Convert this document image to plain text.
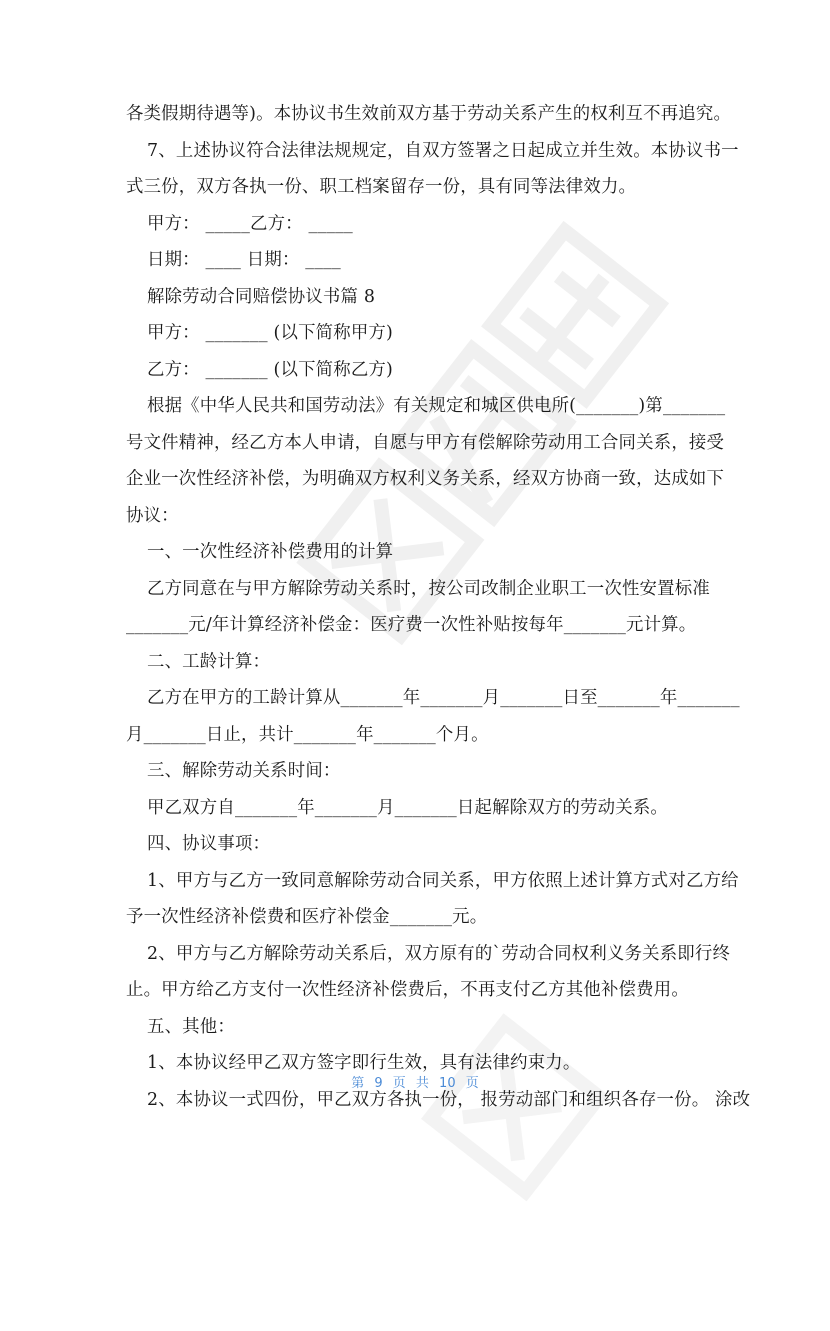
各类假期待遇等)。本协议书生效前双方基于劳动关系产生的权利互不再追究。
7、上述协议符合法律法规规定，自双方签署之日起成立并生效。本协议书一
式三份，双方各执一份、职工档案留存一份，具有同等法律效力。
甲方： _____乙方： _____
日期： ____ 日期： ____
解除劳动合同赔偿协议书篇 8
甲方： _______ (以下简称甲方)
乙方： _______ (以下简称乙方)
根据《中华人民共和国劳动法》有关规定和城区供电所(_______)第_______
号文件精神，经乙方本人申请，自愿与甲方有偿解除劳动用工合同关系，接受
企业一次性经济补偿，为明确双方权利义务关系，经双方协商一致，达成如下
协议：
一、一次性经济补偿费用的计算
乙方同意在与甲方解除劳动关系时，按公司改制企业职工一次性安置标准
_______元/年计算经济补偿金：医疗费一次性补贴按每年_______元计算。
二、工龄计算：
乙方在甲方的工龄计算从_______年_______月_______日至_______年_______
月_______日止，共计_______年_______个月。
三、解除劳动关系时间：
甲乙双方自_______年_______月_______日起解除双方的劳动关系。
四、协议事项：
1、甲方与乙方一致同意解除劳动合同关系，甲方依照上述计算方式对乙方给
予一次性经济补偿费和医疗补偿金_______元。
2、甲方与乙方解除劳动关系后，双方原有的`劳动合同权利义务关系即行终
止。甲方给乙方支付一次性经济补偿费后，不再支付乙方其他补偿费用。
五、其他：
1、本协议经甲乙双方签字即行生效，具有法律约束力。
2、本协议一式四份，甲乙双方各执一份， 报劳动部门和组织各存一份。 涂改
第 9 页 共 10 页
